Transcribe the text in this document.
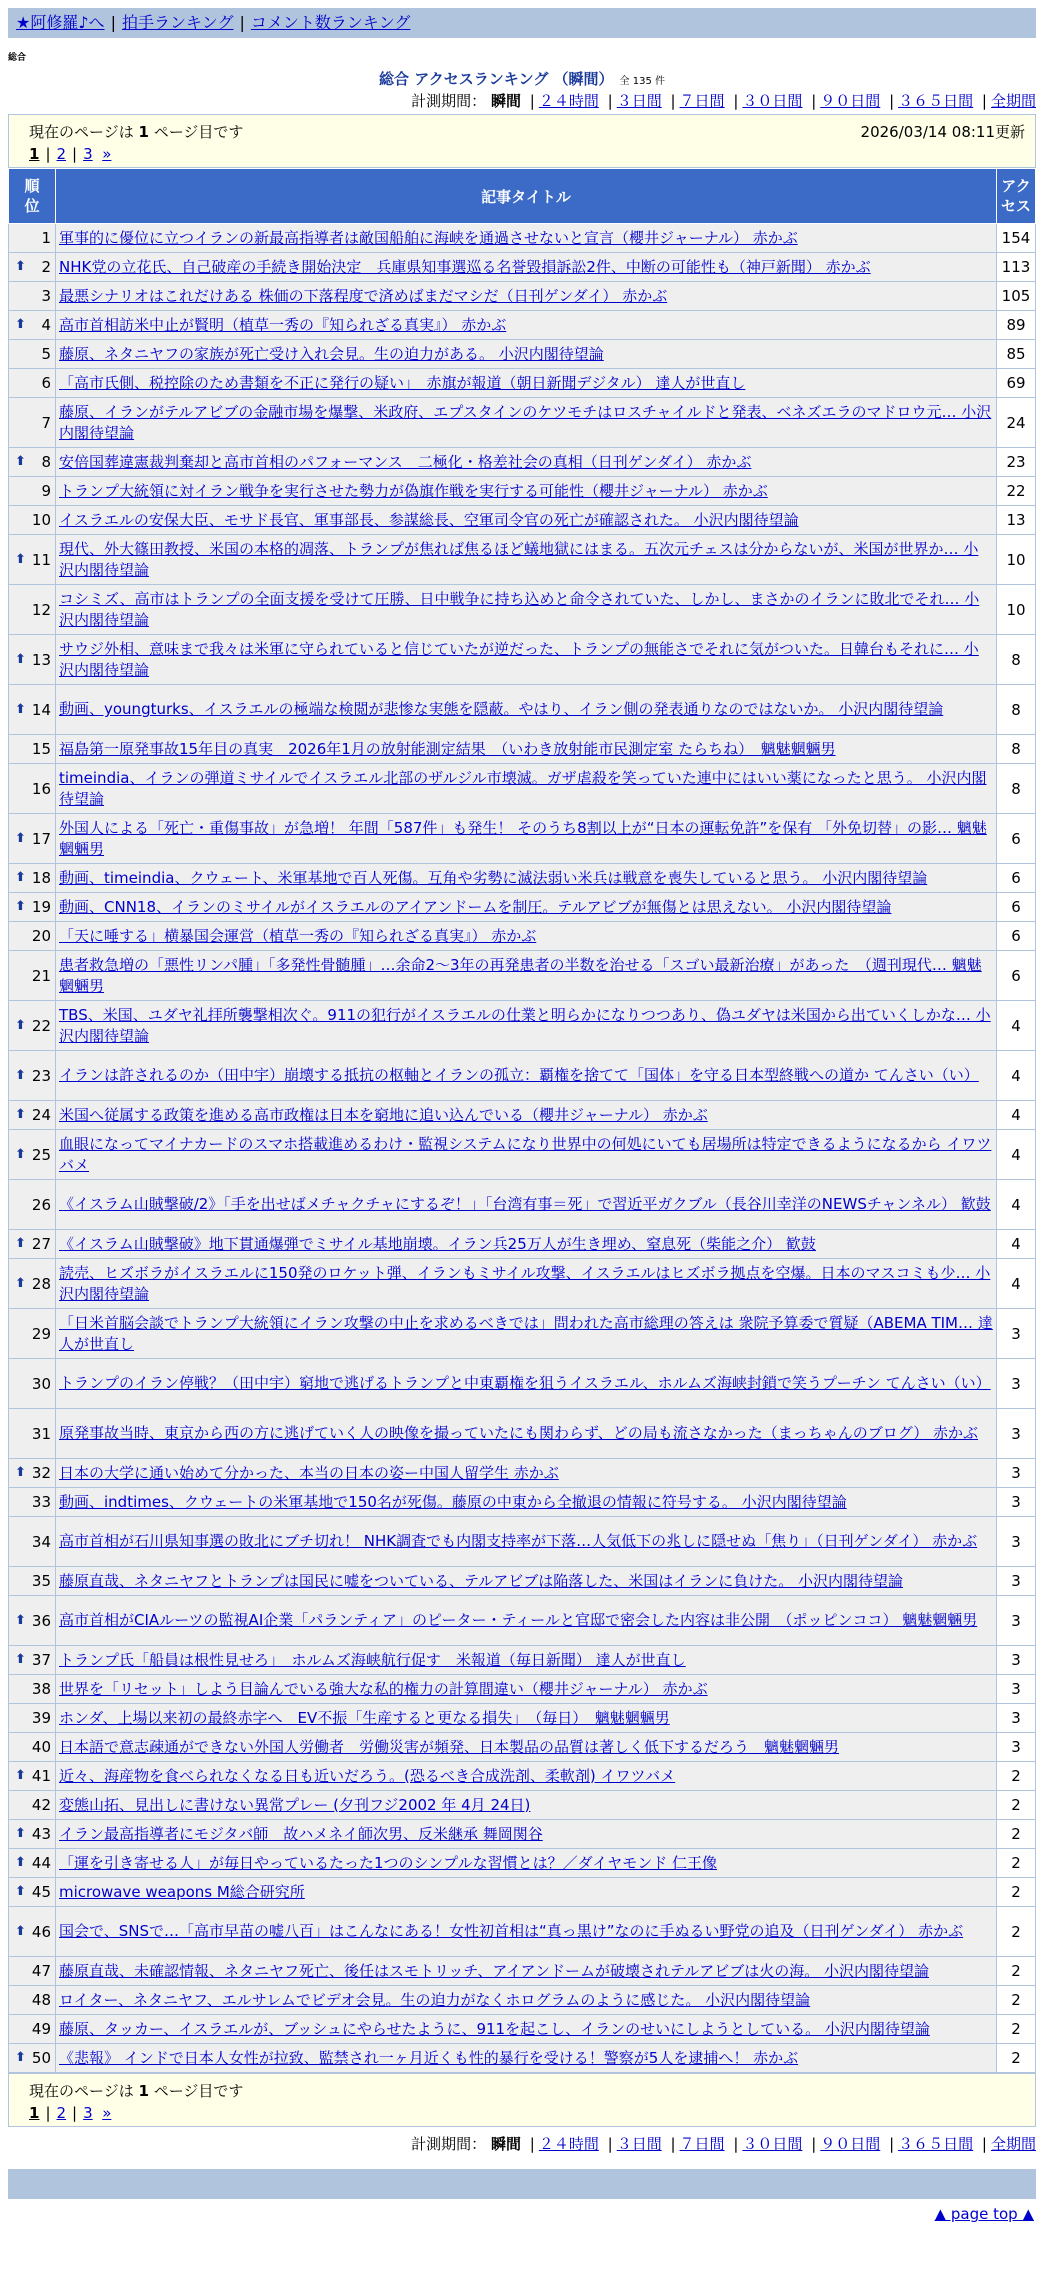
★阿修羅♪へ | 拍手ランキング | コメント数ランキング
総合
総合 アクセスランキング （瞬間） 全 135 件
計測期間： 瞬間 | ２４時間 | ３日間 | ７日間 | ３０日間 | ９０日間 | ３６５日間 | 全期間
現在のページは 1 ページ目です	2026/03/14 08:11更新
1 | 2 | 3 »
順
位	記事タイトル	アク
セス
1	軍事的に優位に立つイランの新最高指導者は敵国船舶に海峡を通過させないと宣言（櫻井ジャーナル） 赤かぶ	154

⬆ 2	NHK党の立花氏、自己破産の手続き開始決定　兵庫県知事選巡る名誉毀損訴訟2件、中断の可能性も（神戸新聞） 赤かぶ	113
3	最悪シナリオはこれだけある 株価の下落程度で済めばまだマシだ（日刊ゲンダイ） 赤かぶ	105

⬆ 4	高市首相訪米中止が賢明（植草一秀の『知られざる真実』） 赤かぶ	89
5	藤原、ネタニヤフの家族が死亡受け入れ会見。生の迫力がある。 小沢内閣待望論	85
6	「高市氏側、税控除のため書類を不正に発行の疑い」　赤旗が報道（朝日新聞デジタル） 達人が世直し	69
7	藤原、イランがテルアビブの金融市場を爆撃、米政府、エプスタインのケツモチはロスチャイルドと発表、ベネズエラのマドロウ元… 小沢内閣待望論	24

⬆ 8	安倍国葬違憲裁判棄却と高市首相のパフォーマンス　二極化・格差社会の真相（日刊ゲンダイ） 赤かぶ	23
9	トランプ大統領に対イラン戦争を実行させた勢力が偽旗作戦を実行する可能性（櫻井ジャーナル） 赤かぶ	22
10	イスラエルの安保大臣、モサド長官、軍事部長、参謀総長、空軍司令官の死亡が確認された。 小沢内閣待望論	13

⬆ 11	現代、外大篠田教授、米国の本格的凋落、トランプが焦れば焦るほど蟻地獄にはまる。五次元チェスは分からないが、米国が世界か… 小沢内閣待望論	10
12	コシミズ、高市はトランプの全面支援を受けて圧勝、日中戦争に持ち込めと命令されていた、しかし、まさかのイランに敗北でそれ… 小沢内閣待望論	10

⬆ 13	サウジ外相、意味まで我々は米軍に守られていると信じていたが逆だった、トランプの無能さでそれに気がついた。日韓台もそれに… 小沢内閣待望論	8

⬆ 14	動画、youngturks、イスラエルの極端な検閲が悲惨な実態を隠蔽。やはり、イラン側の発表通りなのではないか。 小沢内閣待望論	8
15	福島第一原発事故15年目の真実　2026年1月の放射能測定結果　（いわき放射能市民測定室 たらちね）　魑魅魍魎男	8
16	timeindia、イランの弾道ミサイルでイスラエル北部のザルジル市壊滅。ガザ虐殺を笑っていた連中にはいい薬になったと思う。 小沢内閣待望論	8

⬆ 17	外国人による「死亡・重傷事故」が急増！ 年間「587件」も発生！ そのうち8割以上が“日本の運転免許”を保有 「外免切替」の影… 魑魅魍魎男	6

⬆ 18	動画、timeindia、クウェート、米軍基地で百人死傷。互角や劣勢に滅法弱い米兵は戦意を喪失していると思う。 小沢内閣待望論	6

⬆ 19	動画、CNN18、イランのミサイルがイスラエルのアイアンドームを制圧。テルアビブが無傷とは思えない。 小沢内閣待望論	6
20	「天に唾する」横暴国会運営（植草一秀の『知られざる真実』） 赤かぶ	6
21	患者救急増の「悪性リンパ腫」「多発性骨髄腫」…余命2～3年の再発患者の半数を治せる「スゴい最新治療」があった　（週刊現代… 魑魅魍魎男	6

⬆ 22	TBS、米国、ユダヤ礼拝所襲撃相次ぐ。911の犯行がイスラエルの仕業と明らかになりつつあり、偽ユダヤは米国から出ていくしかな… 小沢内閣待望論	4

⬆ 23	イランは許されるのか（田中宇）崩壊する抵抗の枢軸とイランの孤立：覇権を捨てて「国体」を守る日本型終戦への道か てんさい（い）	4

⬆ 24	米国へ従属する政策を進める高市政権は日本を窮地に追い込んでいる（櫻井ジャーナル） 赤かぶ	4

⬆ 25	血眼になってマイナカードのスマホ搭載進めるわけ・監視システムになり世界中の何処にいても居場所は特定できるようになるから イワツバメ	4
26	《イスラム山賊撃破/2》「手を出せばメチャクチャにするぞ！」「台湾有事＝死」で習近平ガクブル（長谷川幸洋のNEWSチャンネル） 歓鼓	4

⬆ 27	《イスラム山賊撃破》地下貫通爆弾でミサイル基地崩壊。イラン兵25万人が生き埋め、窒息死（柴能之介） 歓鼓	4

⬆ 28	読売、ヒズボラがイスラエルに150発のロケット弾、イランもミサイル攻撃、イスラエルはヒズボラ拠点を空爆。日本のマスコミも少… 小沢内閣待望論	4
29	「日米首脳会談でトランプ大統領にイラン攻撃の中止を求めるべきでは」問われた高市総理の答えは 衆院予算委で質疑（ABEMA TIM… 達人が世直し	3
30	トランプのイラン停戦？（田中宇）窮地で逃げるトランプと中東覇権を狙うイスラエル、ホルムズ海峡封鎖で笑うプーチン てんさい（い）	3
31	原発事故当時、東京から西の方に逃げていく人の映像を撮っていたにも関わらず、どの局も流さなかった（まっちゃんのブログ） 赤かぶ	3

⬆ 32	日本の大学に通い始めて分かった、本当の日本の姿ー中国人留学生 赤かぶ	3
33	動画、indtimes、クウェートの米軍基地で150名が死傷。藤原の中東から全撤退の情報に符号する。 小沢内閣待望論	3
34	高市首相が石川県知事選の敗北にブチ切れ！ NHK調査でも内閣支持率が下落…人気低下の兆しに隠せぬ「焦り」（日刊ゲンダイ） 赤かぶ	3
35	藤原直哉、ネタニヤフとトランプは国民に嘘をついている、テルアビブは陥落した、米国はイランに負けた。 小沢内閣待望論	3

⬆ 36	高市首相がCIAルーツの監視AI企業「パランティア」のピーター・ティールと官邸で密会した内容は非公開　（ポッピンココ） 魑魅魍魎男	3

⬆ 37	トランプ氏「船員は根性見せろ」　ホルムズ海峡航行促す　米報道（毎日新聞） 達人が世直し	3
38	世界を「リセット」しよう目論んでいる強大な私的権力の計算間違い（櫻井ジャーナル） 赤かぶ	3
39	ホンダ、上場以来初の最終赤字へ　EV不振「生産すると更なる損失」　（毎日）　魑魅魍魎男	3
40	日本語で意志疎通ができない外国人労働者　労働災害が頻発、日本製品の品質は著しく低下するだろう　魑魅魍魎男	3

⬆ 41	近々、海産物を食べられなくなる日も近いだろう。(恐るべき合成洗剤、柔軟剤) イワツバメ	2
42	変態山拓、見出しに書けない異常プレー (夕刊フジ2002 年 4月 24日)	2

⬆ 43	イラン最高指導者にモジタバ師　故ハメネイ師次男、反米継承 舞岡関谷	2

⬆ 44	「運を引き寄せる人」が毎日やっているたった1つのシンプルな習慣とは？／ダイヤモンド 仁王像	2

⬆ 45	microwave weapons M総合研究所	2

⬆ 46	国会で、SNSで…「高市早苗の嘘八百」はこんなにある！女性初首相は“真っ黒け”なのに手ぬるい野党の追及（日刊ゲンダイ） 赤かぶ	2
47	藤原直哉、未確認情報、ネタニヤフ死亡、後任はスモトリッチ、アイアンドームが破壊されテルアビブは火の海。 小沢内閣待望論	2
48	ロイター、ネタニヤフ、エルサレムでビデオ会見。生の迫力がなくホログラムのように感じた。 小沢内閣待望論	2
49	藤原、タッカー、イスラエルが、ブッシュにやらせたように、911を起こし、イランのせいにしようとしている。 小沢内閣待望論	2

⬆ 50	《悲報》 インドで日本人女性が拉致、監禁され一ヶ月近くも性的暴行を受ける！警察が5人を逮捕へ！ 赤かぶ	2
現在のページは 1 ページ目です
1 | 2 | 3 »
計測期間： 瞬間 | ２４時間 | ３日間 | ７日間 | ３０日間 | ９０日間 | ３６５日間 | 全期間
▲ page top ▲
